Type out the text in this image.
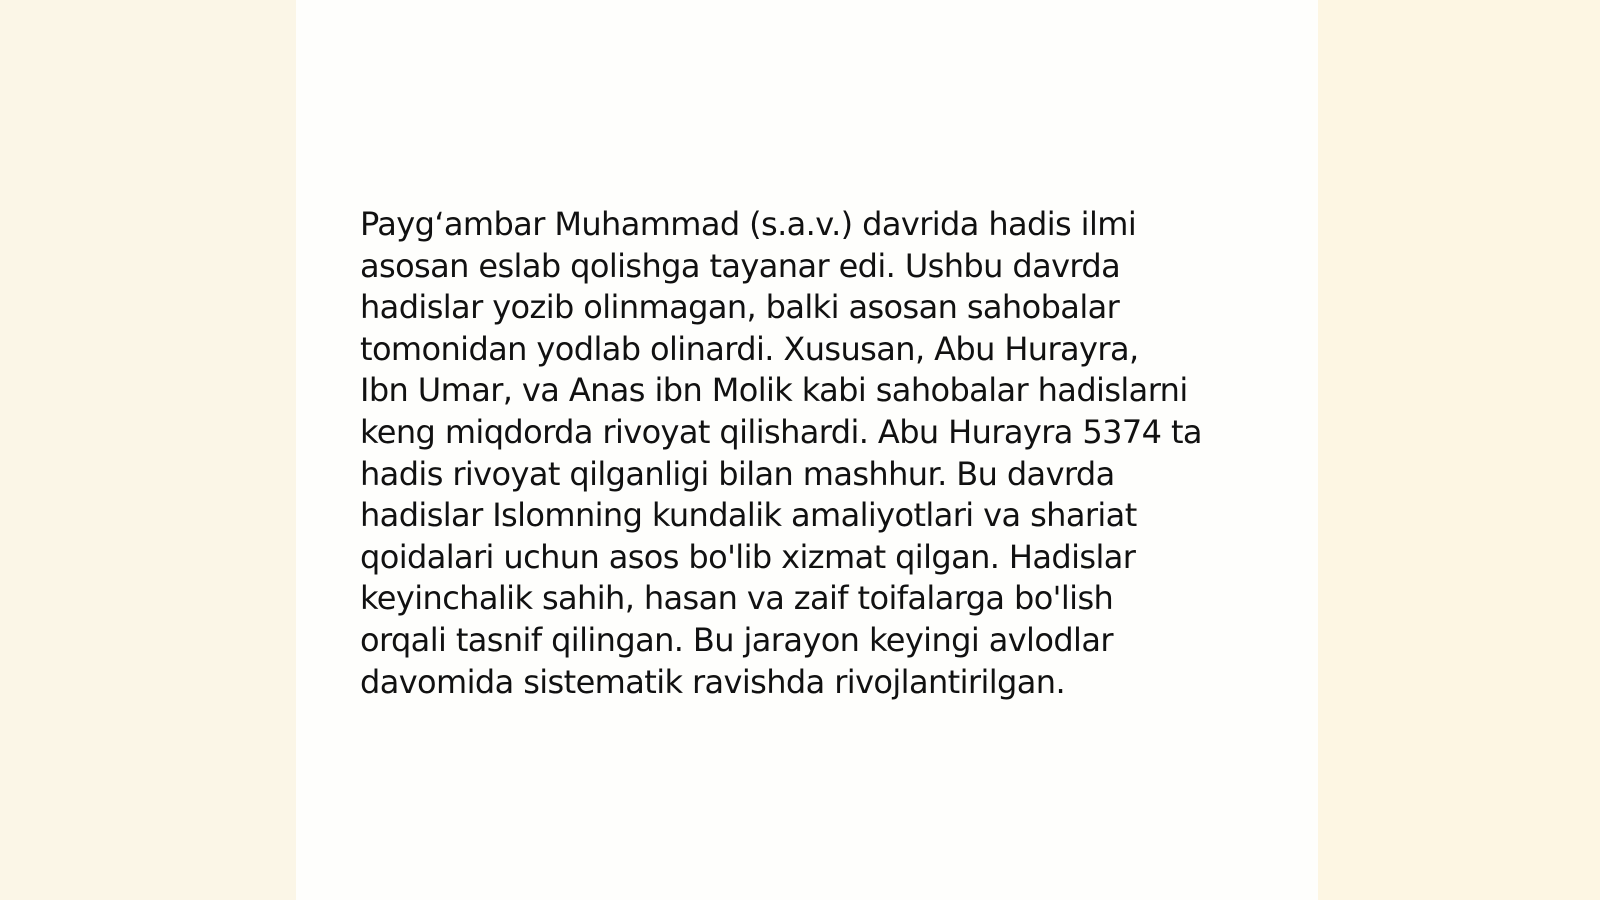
Payg‘ambar Muhammad (s.a.v.) davrida hadis ilmi
asosan eslab qolishga tayanar edi. Ushbu davrda
hadislar yozib olinmagan, balki asosan sahobalar
tomonidan yodlab olinardi. Xususan, Abu Hurayra,
Ibn Umar, va Anas ibn Molik kabi sahobalar hadislarni
keng miqdorda rivoyat qilishardi. Abu Hurayra 5374 ta
hadis rivoyat qilganligi bilan mashhur. Bu davrda
hadislar Islomning kundalik amaliyotlari va shariat
qoidalari uchun asos bo'lib xizmat qilgan. Hadislar
keyinchalik sahih, hasan va zaif toifalarga bo'lish
orqali tasnif qilingan. Bu jarayon keyingi avlodlar
davomida sistematik ravishda rivojlantirilgan.
